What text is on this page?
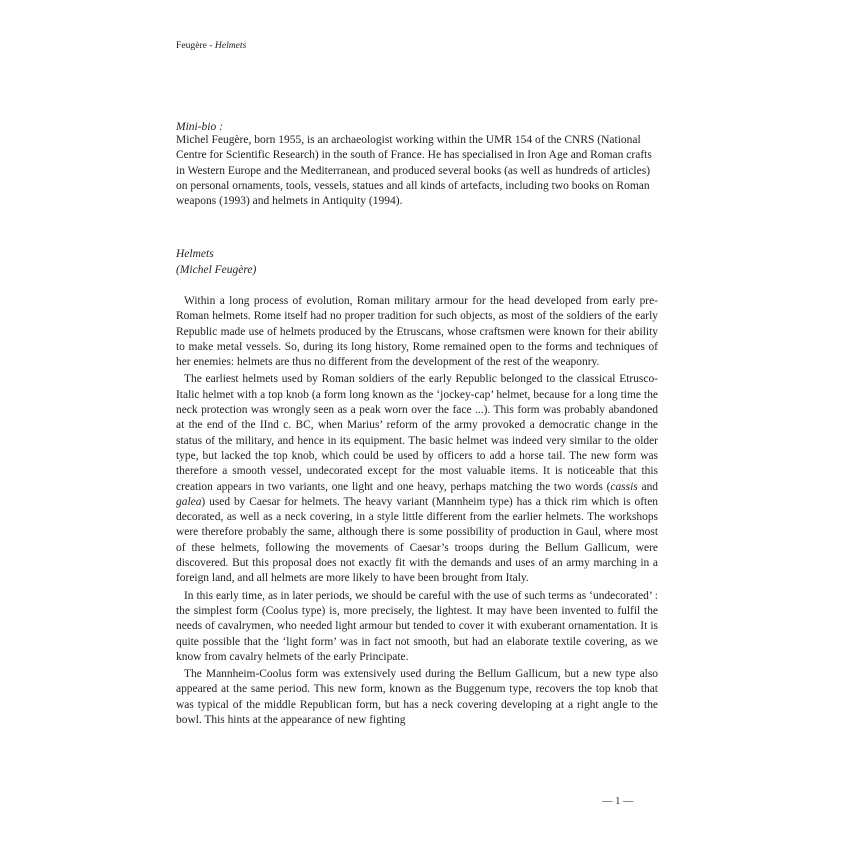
Feugère - Helmets
Mini-bio :
Michel Feugère, born 1955, is an archaeologist working within the UMR 154 of the CNRS (National Centre for Scientific Research) in the south of France. He has specialised in Iron Age and Roman crafts in Western Europe and the Mediterranean, and produced several books (as well as hundreds of articles) on personal ornaments, tools, vessels, statues and all kinds of artefacts, including two books on Roman weapons (1993) and helmets in Antiquity (1994).
Helmets
(Michel Feugère)

Within a long process of evolution, Roman military armour for the head developed from early pre-Roman helmets. Rome itself had no proper tradition for such objects, as most of the soldiers of the early Republic made use of helmets produced by the Etruscans, whose craftsmen were known for their ability to make metal vessels. So, during its long history, Rome remained open to the forms and techniques of her enemies: helmets are thus no different from the development of the rest of the weaponry.

The earliest helmets used by Roman soldiers of the early Republic belonged to the classical Etrusco-Italic helmet with a top knob (a form long known as the ‘jockey-cap’ helmet, because for a long time the neck protection was wrongly seen as a peak worn over the face ...). This form was probably abandoned at the end of the IInd c. BC, when Marius’ reform of the army provoked a democratic change in the status of the military, and hence in its equipment. The basic helmet was indeed very similar to the older type, but lacked the top knob, which could be used by officers to add a horse tail. The new form was therefore a smooth vessel, undecorated except for the most valuable items. It is noticeable that this creation appears in two variants, one light and one heavy, perhaps matching the two words (cassis and galea) used by Caesar for helmets. The heavy variant (Mannheim type) has a thick rim which is often decorated, as well as a neck covering, in a style little different from the earlier helmets. The workshops were therefore probably the same, although there is some possibility of production in Gaul, where most of these helmets, following the movements of Caesar’s troops during the Bellum Gallicum, were discovered. But this proposal does not exactly fit with the demands and uses of an army marching in a foreign land, and all helmets are more likely to have been brought from Italy.

In this early time, as in later periods, we should be careful with the use of such terms as ‘undecorated’ : the simplest form (Coolus type) is, more precisely, the lightest. It may have been invented to fulfil the needs of cavalrymen, who needed light armour but tended to cover it with exuberant ornamentation. It is quite possible that the ‘light form’ was in fact not smooth, but had an elaborate textile covering, as we know from cavalry helmets of the early Principate.

The Mannheim-Coolus form was extensively used during the Bellum Gallicum, but a new type also appeared at the same period. This new form, known as the Buggenum type, recovers the top knob that was typical of the middle Republican form, but has a neck covering developing at a right angle to the bowl. This hints at the appearance of new fighting

— 1 —
